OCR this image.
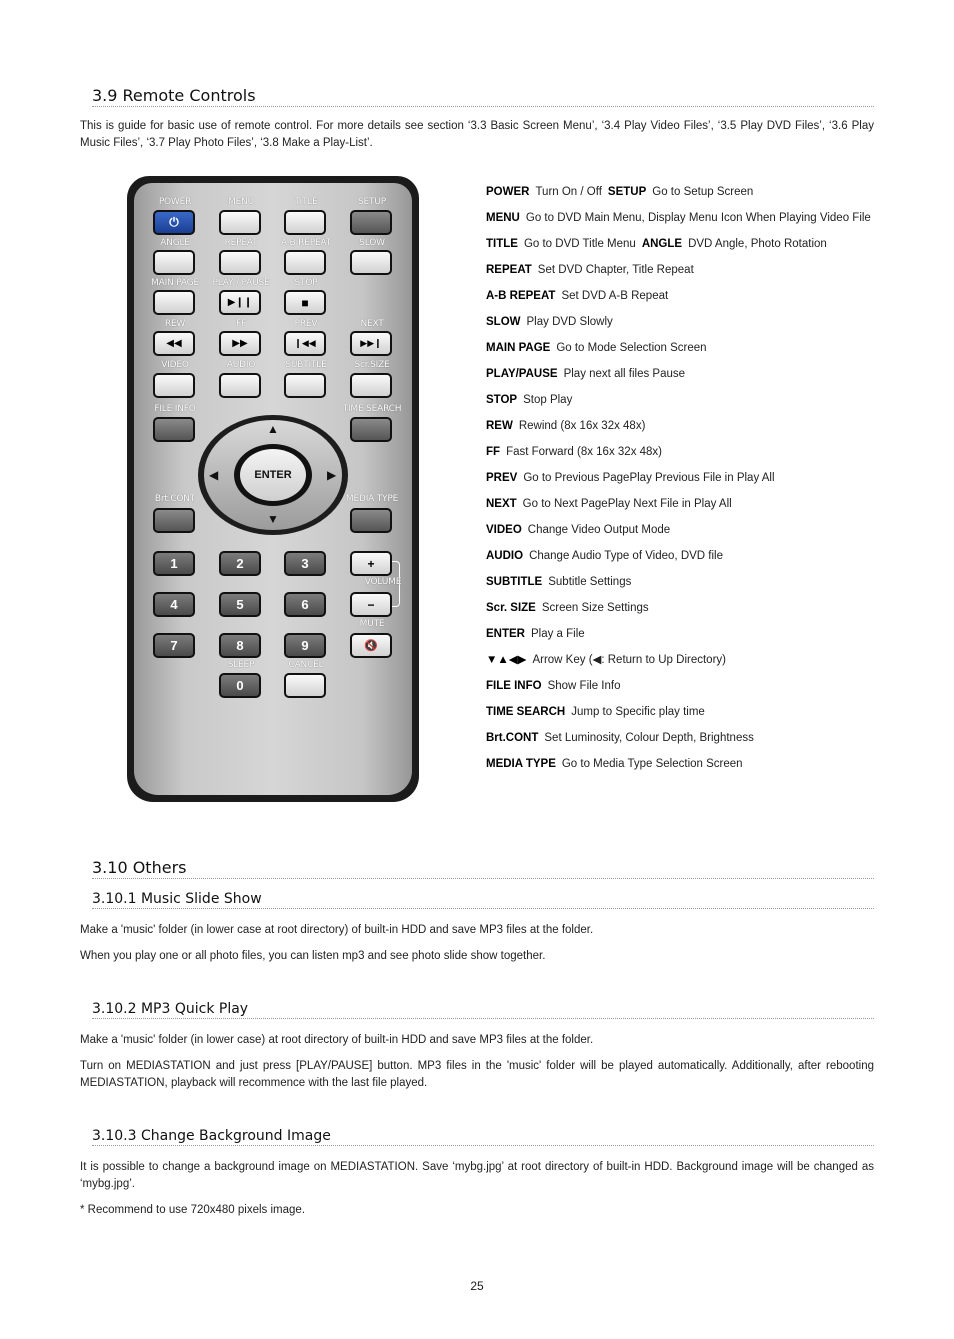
3.9 Remote Controls
This is guide for basic use of remote control. For more details see section ‘3.3 Basic Screen Menu’, ‘3.4 Play Video Files’, ‘3.5 Play DVD Files’, ‘3.6 Play Music Files’, ‘3.7 Play Photo Files’, ‘3.8 Make a Play-List’.
POWER	MENU	TITLE	SETUP
⏻
ANGLE	REPEAT	A-B REPEAT	SLOW
MAIN PAGE	PLAY / PAUSE	STOP
▶❙❙	■
REW	FF	PREV	NEXT
◀◀	▶▶	❙◀◀	▶▶❙
VIDEO	AUDIO	SUBTITLE	Scr.SIZE
FILE INFO	TIME SEARCH
▲
▼
◀	▶
ENTER
Brt.CONT	MEDIA TYPE
1	2	3	+
4	5	6	−
VOLUME
MUTE
7	8	9	🔇
SLEEP	CANCEL
0
POWER Turn On / Off SETUP Go to Setup Screen
MENU Go to DVD Main Menu, Display Menu Icon When Playing Video File
TITLE Go to DVD Title Menu ANGLE DVD Angle, Photo Rotation
REPEAT Set DVD Chapter, Title Repeat
A-B REPEAT Set DVD A-B Repeat
SLOW Play DVD Slowly
MAIN PAGE Go to Mode Selection Screen
PLAY/PAUSE Play next all files Pause
STOP Stop Play
REW Rewind (8x 16x 32x 48x)
FF Fast Forward (8x 16x 32x 48x)
PREV Go to Previous PagePlay Previous File in Play All
NEXT Go to Next PagePlay Next File in Play All
VIDEO Change Video Output Mode
AUDIO Change Audio Type of Video, DVD file
SUBTITLE Subtitle Settings
Scr. SIZE Screen Size Settings
ENTER Play a File
▼▲◀▶ Arrow Key (◀: Return to Up Directory)
FILE INFO Show File Info
TIME SEARCH Jump to Specific play time
Brt.CONT Set Luminosity, Colour Depth, Brightness
MEDIA TYPE Go to Media Type Selection Screen
3.10 Others
3.10.1 Music Slide Show
Make a 'music' folder (in lower case at root directory) of built-in HDD and save MP3 files at the folder.
When you play one or all photo files, you can listen mp3 and see photo slide show together.
3.10.2 MP3 Quick Play
Make a 'music' folder (in lower case) at root directory of built-in HDD and save MP3 files at the folder.
Turn on MEDIASTATION and just press [PLAY/PAUSE] button. MP3 files in the 'music' folder will be played automatically. Additionally, after rebooting MEDIASTATION, playback will recommence with the last file played.
3.10.3 Change Background Image
It is possible to change a background image on MEDIASTATION. Save ‘mybg.jpg’ at root directory of built-in HDD. Background image will be changed as ‘mybg.jpg’.
* Recommend to use 720x480 pixels image.
25
